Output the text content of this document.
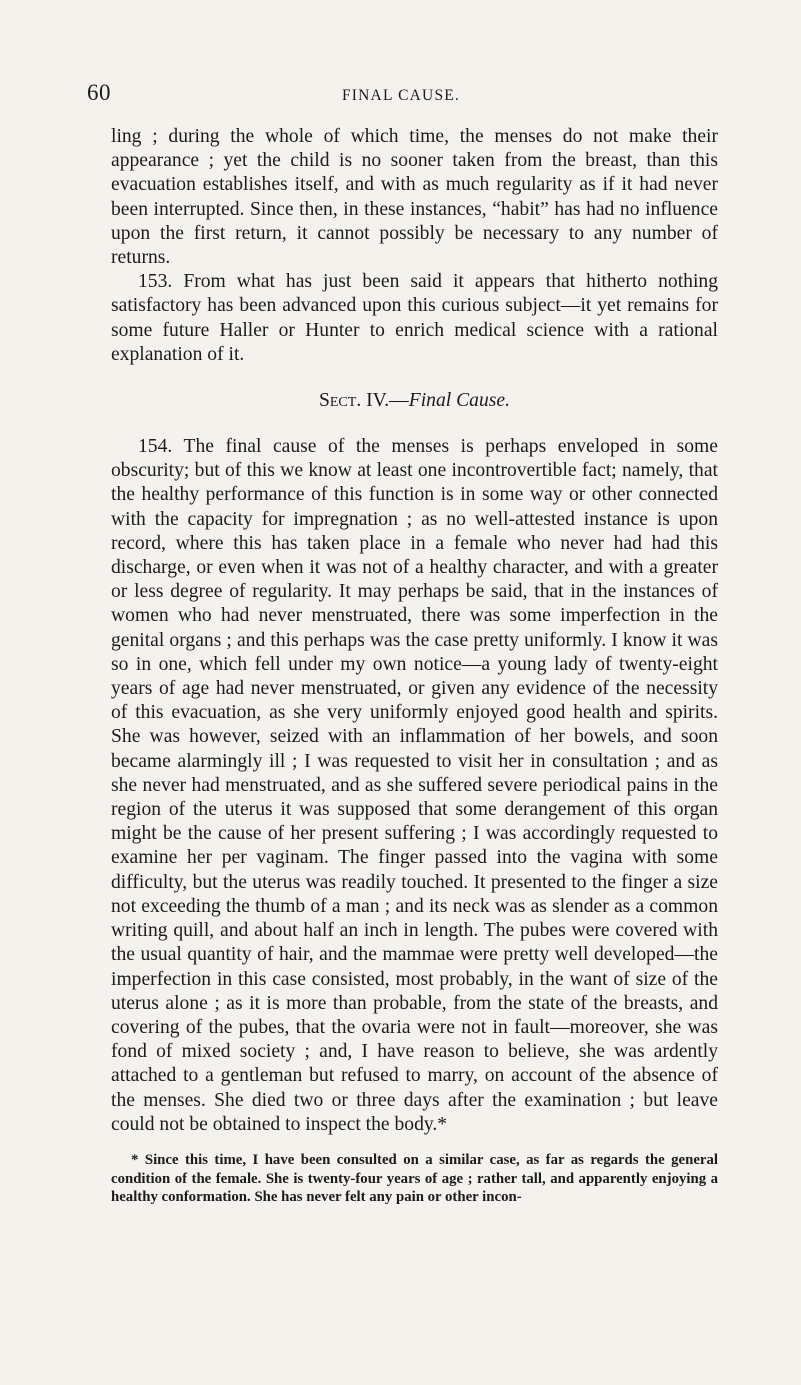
60	FINAL CAUSE.

ling ; during the whole of which time, the menses do not make their appearance ; yet the child is no sooner taken from the breast, than this evacuation establishes itself, and with as much regularity as if it had never been interrupted. Since then, in these instances, “habit” has had no influence upon the first return, it cannot possibly be necessary to any number of returns.

153. From what has just been said it appears that hitherto nothing satisfactory has been advanced upon this curious subject—it yet remains for some future Haller or Hunter to enrich medical science with a rational explanation of it.

Sect. IV.—Final Cause.

154. The final cause of the menses is perhaps enveloped in some obscurity; but of this we know at least one incontrovertible fact; namely, that the healthy performance of this function is in some way or other connected with the capacity for impregnation ; as no well-attested instance is upon record, where this has taken place in a female who never had had this discharge, or even when it was not of a healthy character, and with a greater or less degree of regularity. It may perhaps be said, that in the instances of women who had never menstruated, there was some imperfection in the genital organs ; and this perhaps was the case pretty uniformly. I know it was so in one, which fell under my own notice—a young lady of twenty-eight years of age had never menstruated, or given any evidence of the necessity of this evacuation, as she very uniformly enjoyed good health and spirits. She was however, seized with an inflammation of her bowels, and soon became alarmingly ill ; I was requested to visit her in consultation ; and as she never had menstruated, and as she suffered severe periodical pains in the region of the uterus it was supposed that some derangement of this organ might be the cause of her present suffering ; I was accordingly requested to examine her per vaginam. The finger passed into the vagina with some difficulty, but the uterus was readily touched. It presented to the finger a size not exceeding the thumb of a man ; and its neck was as slender as a common writing quill, and about half an inch in length. The pubes were covered with the usual quantity of hair, and the mammae were pretty well developed—the imperfection in this case consisted, most probably, in the want of size of the uterus alone ; as it is more than probable, from the state of the breasts, and covering of the pubes, that the ovaria were not in fault—moreover, she was fond of mixed society ; and, I have reason to believe, she was ardently attached to a gentleman but refused to marry, on account of the absence of the menses. She died two or three days after the examination ; but leave could not be obtained to inspect the body.*

* Since this time, I have been consulted on a similar case, as far as regards the general condition of the female. She is twenty-four years of age ; rather tall, and apparently enjoying a healthy conformation. She has never felt any pain or other incon-
